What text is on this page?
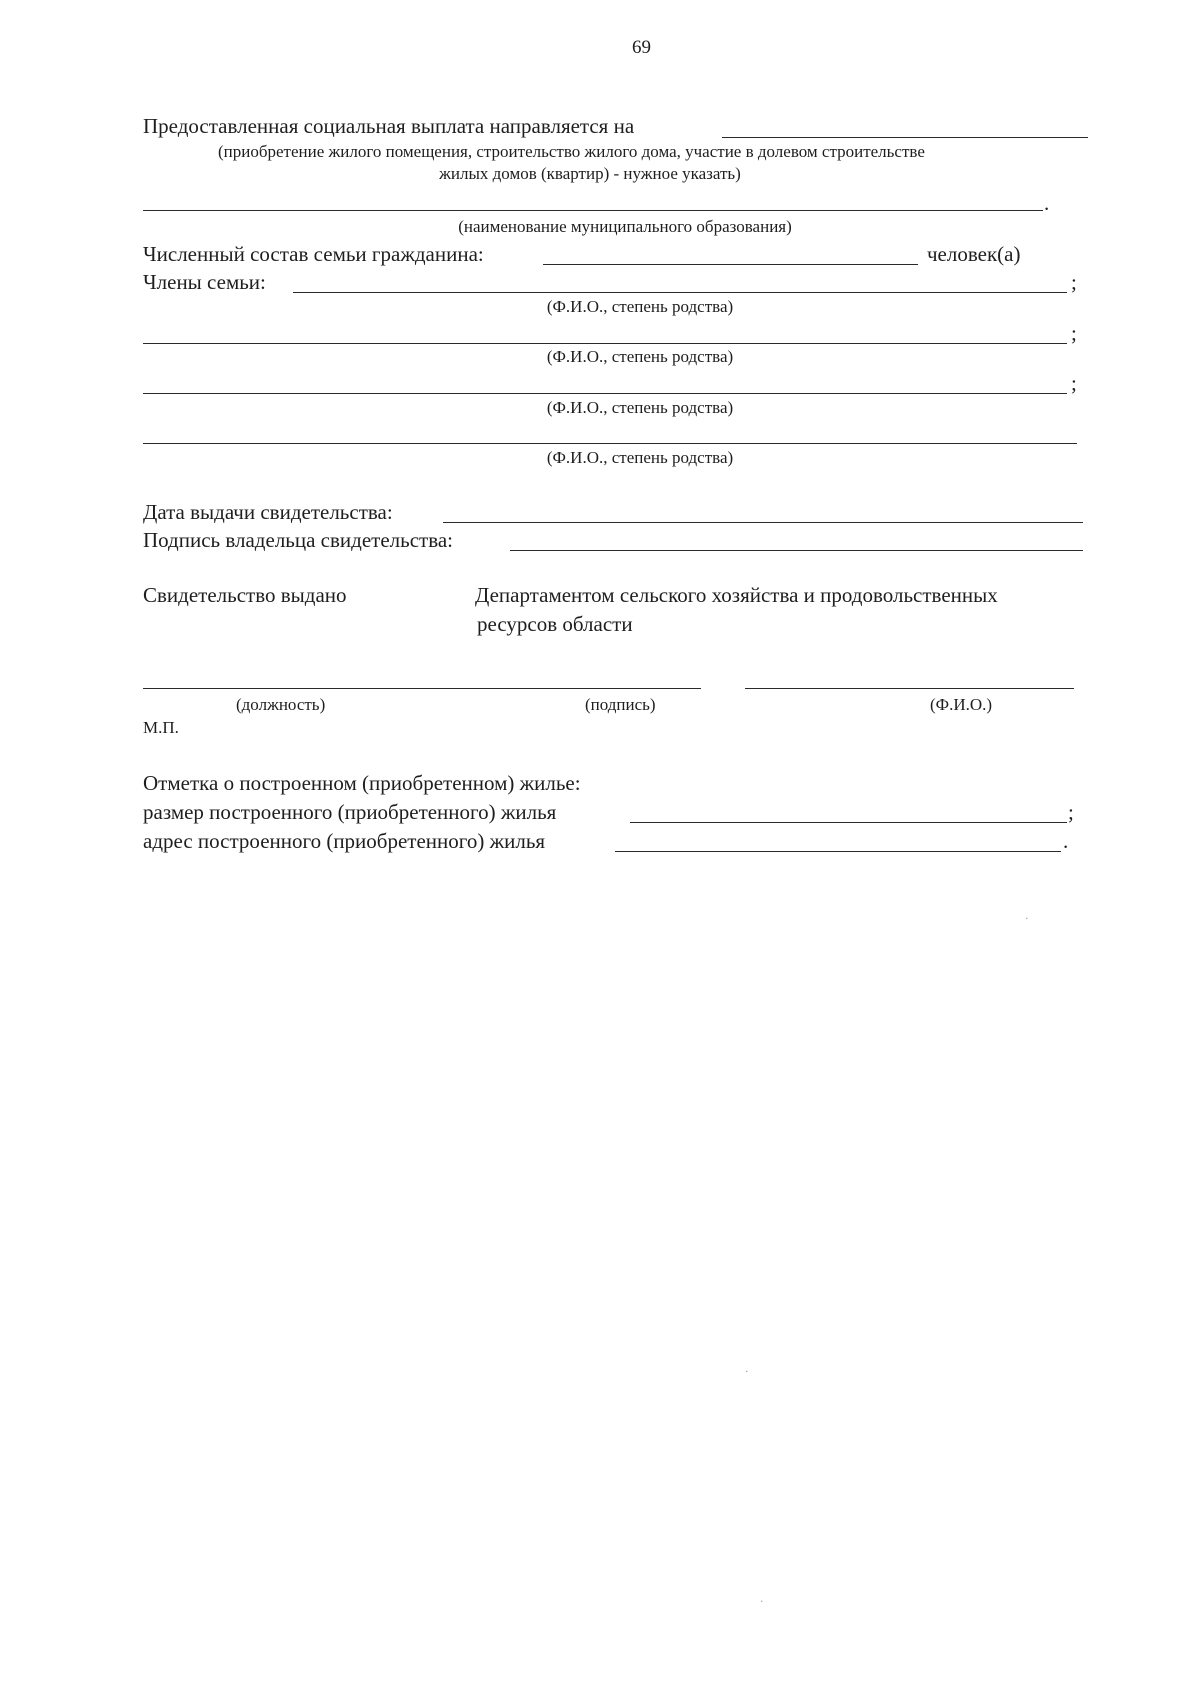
69
Предоставленная социальная выплата направляется на
(приобретение жилого помещения, строительство жилого дома, участие в долевом строительстве
жилых домов (квартир) - нужное указать)
.
(наименование муниципального образования)
Численный состав семьи гражданина:	человек(а)
Члены семьи:	;
(Ф.И.О., степень родства)
;
(Ф.И.О., степень родства)
;
(Ф.И.О., степень родства)
(Ф.И.О., степень родства)
Дата выдачи свидетельства:
Подпись владельца свидетельства:
Свидетельство выдано	Департаментом сельского хозяйства и продовольственных
ресурсов области
(должность)	(подпись)	(Ф.И.О.)
М.П.
Отметка о построенном (приобретенном) жилье:
размер построенного (приобретенного) жилья	;
адрес построенного (приобретенного) жилья	.
·
·
·
